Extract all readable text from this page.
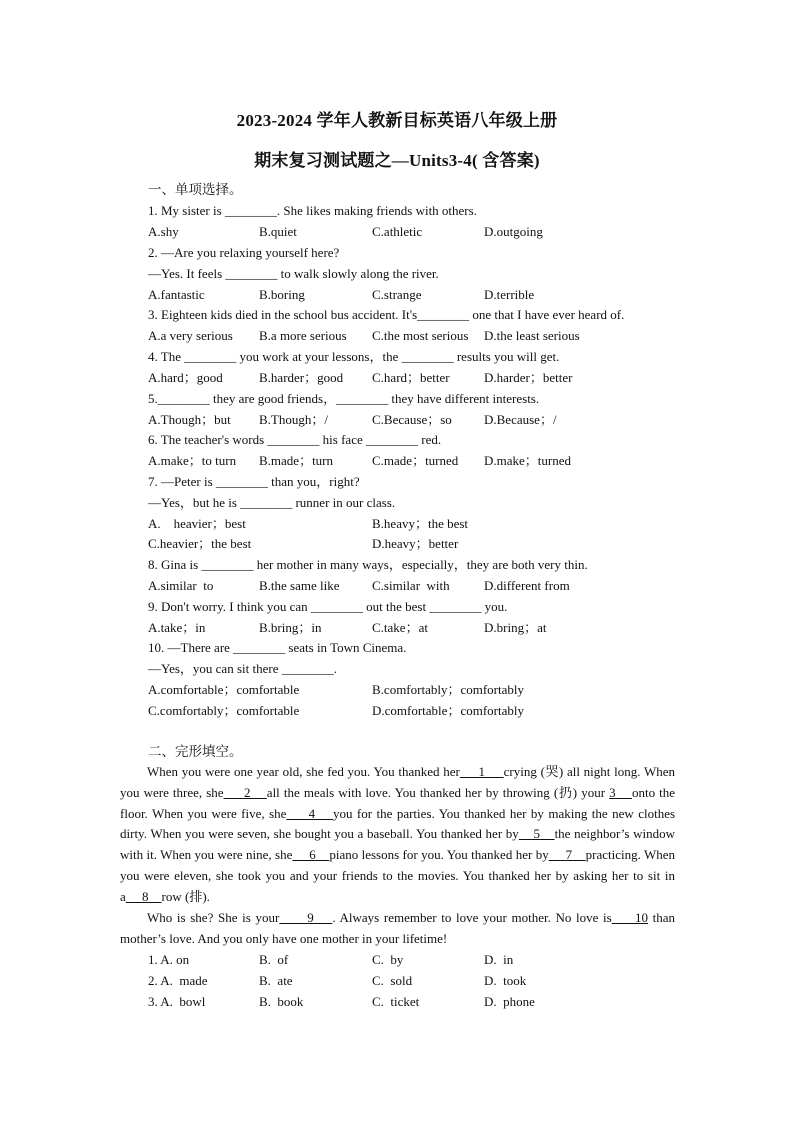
2023-2024 学年人教新目标英语八年级上册
期末复习测试题之—Units3-4( 含答案)
一、单项选择。
1. My sister is ________. She likes making friends with others.
A.shy	B.quiet	C.athletic	D.outgoing
2. —Are you relaxing yourself here?
—Yes. It feels ________ to walk slowly along the river.
A.fantastic	B.boring	C.strange	D.terrible
3. Eighteen kids died in the school bus accident. It's________ one that I have ever heard of.
A.a very serious B.a more serious C.the most serious D.the least serious
4. The ________ you work at your lessons，the ________ results you will get.
A.hard；good	B.harder；good C.hard；better	D.harder；better
5.________ they are good friends，________ they have different interests.
A.Though；but B.Though；/	C.Because；so D.Because；/
6. The teacher's words ________ his face ________ red.
A.make；to turn B.made；turn	C.made；turned D.make；turned
7. —Peter is ________ than you，right?
—Yes，but he is ________ runner in our class.
A.    heavier；best	B.heavy；the best
C.heavier；the best	D.heavy；better
8. Gina is ________ her mother in many ways，especially，they are both very thin.
A.similar  to	B.the same like C.similar  with	D.different from
9. Don't worry. I think you can ________ out the best ________ you.
A.take；in	B.bring；in	C.take；at	D.bring；at
10. —There are ________ seats in Town Cinema.
—Yes，you can sit there ________.
A.comfortable；comfortable	B.comfortably；comfortably
C.comfortably；comfortable	D.comfortable；comfortably
二、完形填空。
When you were one year old, she fed you. You thanked her 1 crying (哭) all night long. When you were three, she 2 all the meals with love. You thanked her by throwing (扔) your 3 onto the floor. When you were five, she 4 you for the parties. You thanked her by making the new clothes dirty. When you were seven, she bought you a baseball. You thanked her by 5 the neighbor’s window with it. When you were nine, she 6 piano lessons for you. You thanked her by 7 practicing. When you were eleven, she took you and your friends to the movies. You thanked her by asking her to sit in a 8 row (排).
Who is she? She is your 9 . Always remember to love your mother. No love is 10 than    mother’s love. And you only have one mother in your lifetime!
1. A. on	B.  of	C.  by	D.  in
2. A.  made	B.  ate	C.  sold	D.  took
3. A.  bowl	B.  book	C.  ticket	D.  phone
